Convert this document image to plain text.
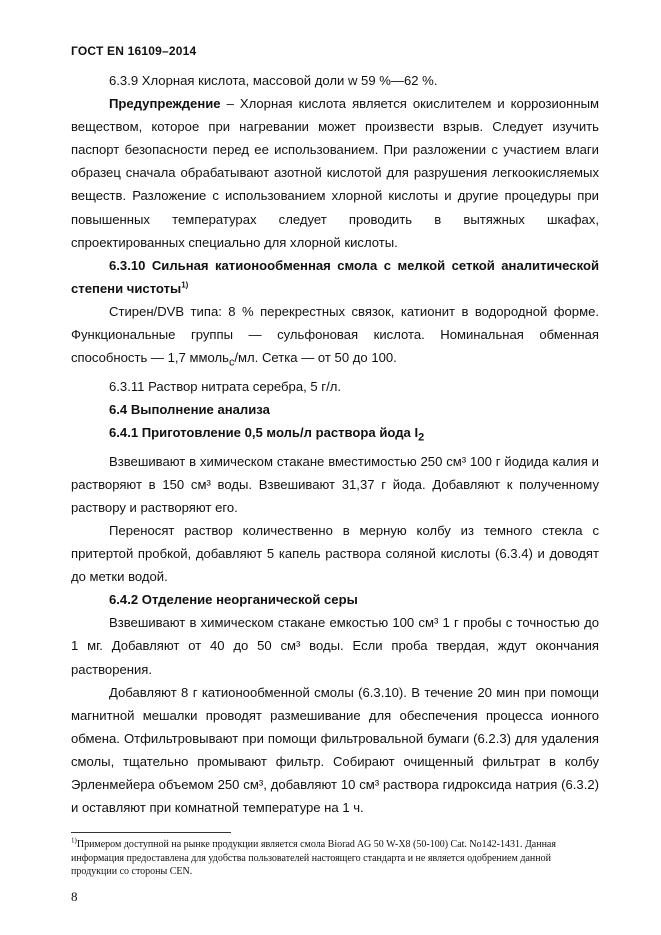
ГОСТ EN 16109–2014

6.3.9 Хлорная кислота, массовой доли w 59 %—62 %.

Предупреждение – Хлорная кислота является окислителем и коррозионным веществом, которое при нагревании может произвести взрыв. Следует изучить паспорт безопасности перед ее использованием. При разложении с участием влаги образец сначала обрабатывают азотной кислотой для разрушения легкоокисляемых веществ. Разложение с использованием хлорной кислоты и другие процедуры при повышенных температурах следует проводить в вытяжных шкафах, спроектированных специально для хлорной кислоты.

6.3.10 Сильная катионообменная смола с мелкой сеткой аналитической степени чистоты$^{1)}$

Стирен/DVB типа: 8 % перекрестных связок, катионит в водородной форме. Функциональные группы — сульфоновая кислота. Номинальная обменная способность — 1,7 ммоль$_c$/мл. Сетка — от 50 до 100.

6.3.11 Раствор нитрата серебра, 5 г/л.

6.4 Выполнение анализа

6.4.1 Приготовление 0,5 моль/л раствора йода $I_2$

Взвешивают в химическом стакане вместимостью 250 см³ 100 г йодида калия и растворяют в 150 см³ воды. Взвешивают 31,37 г йода. Добавляют к полученному раствору и растворяют его.

Переносят раствор количественно в мерную колбу из темного стекла с притертой пробкой, добавляют 5 капель раствора соляной кислоты (6.3.4) и доводят до метки водой.

6.4.2 Отделение неорганической серы

Взвешивают в химическом стакане емкостью 100 см³ 1 г пробы с точностью до 1 мг. Добавляют от 40 до 50 см³ воды. Если проба твердая, ждут окончания растворения.

Добавляют 8 г катионообменной смолы (6.3.10). В течение 20 мин при помощи магнитной мешалки проводят размешивание для обеспечения процесса ионного обмена. Отфильтровывают при помощи фильтровальной бумаги (6.2.3) для удаления смолы, тщательно промывают фильтр. Собирают очищенный фильтрат в колбу Эрленмейера объемом 250 см³, добавляют 10 см³ раствора гидроксида натрия (6.3.2) и оставляют при комнатной температуре на 1 ч.

$^{1)}$Примером доступной на рынке продукции является смола Biorad AG 50 W-X8 (50-100) Cat. No142-1431. Данная информация предоставлена для удобства пользователей настоящего стандарта и не является одобрением данной продукции со стороны CEN.
8
